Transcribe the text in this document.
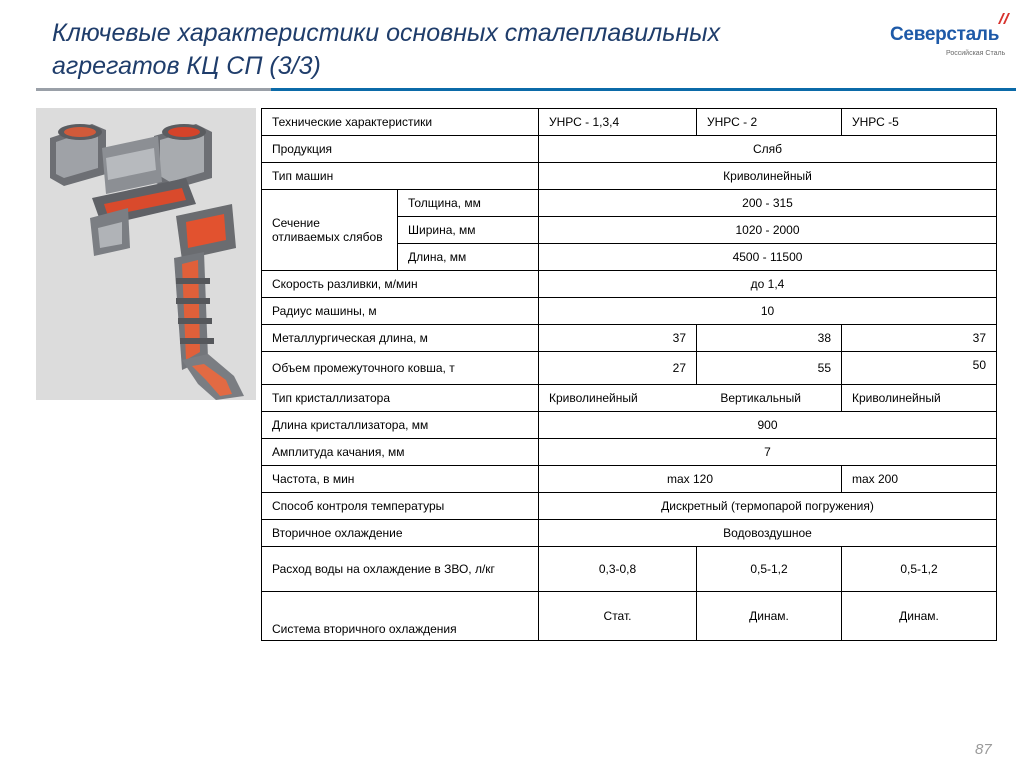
Ключевые характеристики основных сталеплавильных
агрегатов КЦ СП (3/3)
Северсталь
Российская Сталь
Технические характеристики		УНРС - 1,3,4	УНРС - 2	УНРС -5
Продукция		Сляб		
Тип машин		Криволинейный		
Сечение отливаемых слябов	Толщина, мм	200 - 315		
	Ширина, мм	1020 - 2000		
	Длина, мм	4500 - 11500		
Скорость разливки, м/мин		до 1,4		
Радиус машины, м		10		
Металлургическая длина, м		37	38	37
Объем промежуточного ковша, т		27	55	50
Тип кристаллизатора		Криволинейный Вертикальный		Криволинейный
Длина кристаллизатора, мм		900		
Амплитуда качания, мм		7		
Частота, в мин		max 120		max 200
Способ контроля температуры		Дискретный (термопарой погружения)		
Вторичное охлаждение		Водовоздушное		
Расход воды на охлаждение в ЗВО, л/кг		0,3-0,8	0,5-1,2	0,5-1,2
Система вторичного охлаждения		Стат.	Динам.	Динам.
87
